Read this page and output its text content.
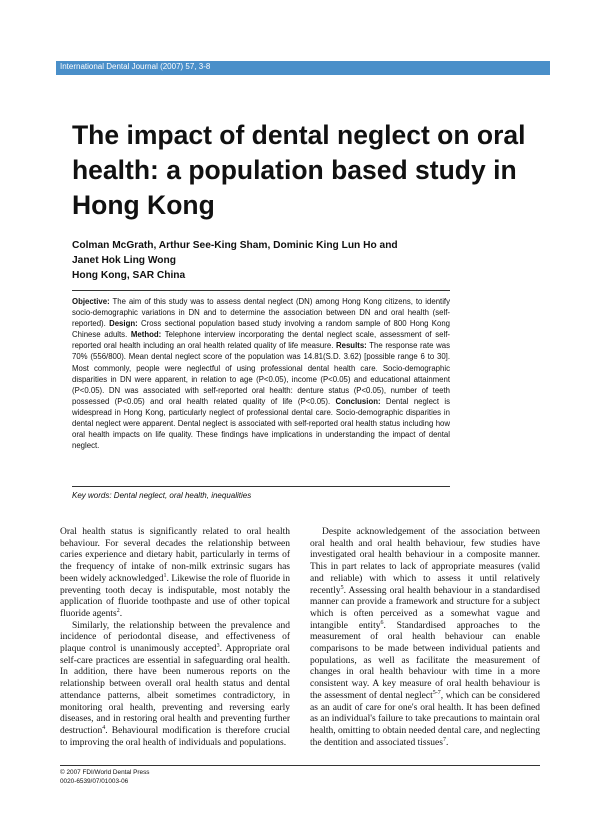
International Dental Journal (2007) 57, 3-8
The impact of dental neglect on oral health: a population based study in Hong Kong
Colman McGrath, Arthur See-King Sham, Dominic King Lun Ho and
Janet Hok Ling Wong
Hong Kong, SAR China

Objective: The aim of this study was to assess dental neglect (DN) among Hong Kong citizens, to identify socio-demographic variations in DN and to determine the association between DN and oral health (self-reported). Design: Cross sectional population based study involving a random sample of 800 Hong Kong Chinese adults. Method: Telephone interview incorporating the dental neglect scale, assessment of self-reported oral health including an oral health related quality of life measure. Results: The response rate was 70% (556/800). Mean dental neglect score of the population was 14.81(S.D. 3.62) [possible range 6 to 30]. Most commonly, people were neglectful of using professional dental health care. Socio-demographic disparities in DN were apparent, in relation to age (P<0.05), income (P<0.05) and educational attainment (P<0.05). DN was associated with self-reported oral health: denture status (P<0.05), number of teeth possessed (P<0.05) and oral health related quality of life (P<0.05). Conclusion: Dental neglect is widespread in Hong Kong, particularly neglect of professional dental care. Socio-demographic disparities in dental neglect were apparent. Dental neglect is associated with self-reported oral health status including how oral health impacts on life quality. These findings have implications in understanding the impact of dental neglect.

Key words: Dental neglect, oral health, inequalities

Oral health status is significantly related to oral health behaviour. For several decades the relationship between caries experience and dietary habit, particularly in terms of the frequency of intake of non-milk extrinsic sugars has been widely acknowledged$^1$. Likewise the role of fluoride in preventing tooth decay is indisputable, most notably the application of fluoride toothpaste and use of other topical fluoride agents$^2$.

Similarly, the relationship between the prevalence and incidence of periodontal disease, and effectiveness of plaque control is unanimously accepted$^3$. Appropriate oral self-care practices are essential in safeguarding oral health. In addition, there have been numerous reports on the relationship between overall oral health status and dental attendance patterns, albeit sometimes contradictory, in monitoring oral health, preventing and reversing early diseases, and in restoring oral health and preventing further destruction$^4$. Behavioural modification is therefore crucial to improving the oral health of individuals and populations.

Despite acknowledgement of the association between oral health and oral health behaviour, few studies have investigated oral health behaviour in a composite manner. This in part relates to lack of appropriate measures (valid and reliable) with which to assess it until relatively recently$^5$. Assessing oral health behaviour in a standardised manner can provide a framework and structure for a subject which is often perceived as a somewhat vague and intangible entity$^6$. Standardised approaches to the measurement of oral health behaviour can enable comparisons to be made between individual patients and populations, as well as facilitate the measurement of changes in oral health behaviour with time in a more consistent way. A key measure of oral health behaviour is the assessment of dental neglect$^{5-7}$, which can be considered as an audit of care for one's oral health. It has been defined as an individual's failure to take precautions to maintain oral health, omitting to obtain needed dental care, and neglecting the dentition and associated tissues$^7$.

© 2007 FDI/World Dental Press
0020-6539/07/01003-06
